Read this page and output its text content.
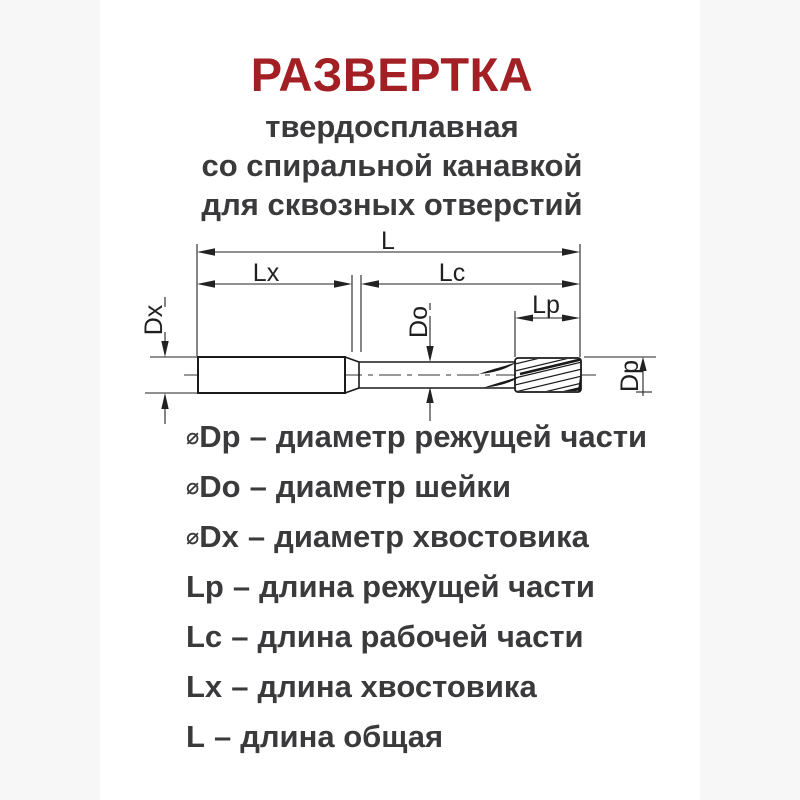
РАЗВЕРТКА
твердосплавная
со спиральной канавкой
для сквозных отверстий
L
Lx	Lc
Lp
Dx	Do
Dp
⌀Dp – диаметр режущей части
⌀Do – диаметр шейки
⌀Dx – диаметр хвостовика
Lp – длина режущей части
Lc – длина рабочей части
Lx – длина хвостовика
L – длина общая
